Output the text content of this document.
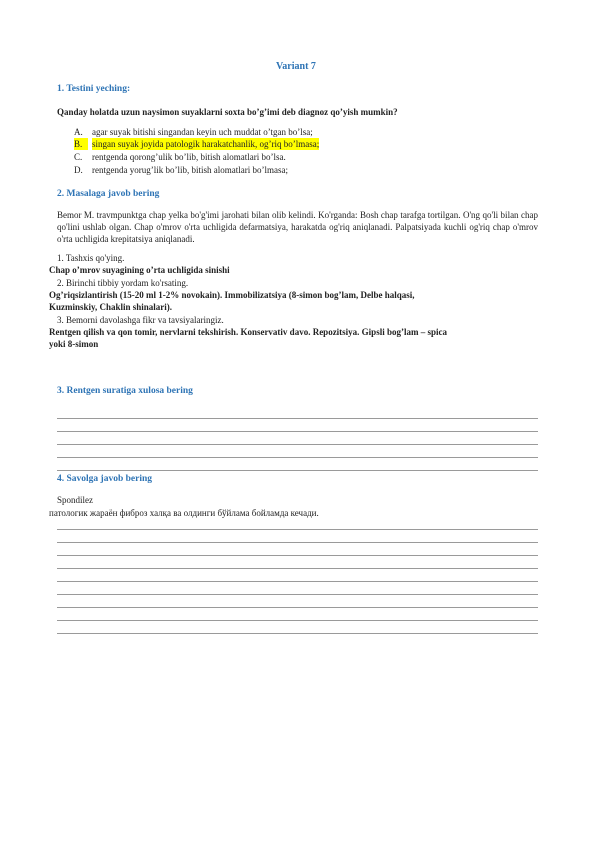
Variant 7
1. Testini yeching:
Qanday holatda uzun naysimon suyaklarni soxta bo’g’imi deb diagnoz qo’yish mumkin?
A. agar suyak bitishi singandan keyin uch muddat o’tgan bo’lsa;
B.	singan suyak joyida patologik harakatchanlik, og’riq bo’lmasa;
C. rentgenda qorong’ulik bo’lib, bitish alomatlari bo’lsa.
D. rentgenda yorug’lik bo’lib, bitish alomatlari bo’lmasa;
2. Masalaga javob bering
Bemor M. travmpunktga chap yelka bo'g'imi jarohati bilan olib kelindi. Ko'rganda: Bosh chap tarafga tortilgan. O'ng qo'li bilan chap qo'lini ushlab olgan. Chap o'mrov o'rta uchligida defarmatsiya, harakatda og'riq aniqlanadi. Palpatsiyada kuchli og'riq chap o'mrov o'rta uchligida krepitatsiya aniqlanadi.
1. Tashxis qo'ying.
Chap o’mrov suyagining o’rta uchligida sinishi
2. Birinchi tibbiy yordam ko'rsating.
Og’riqsizlantirish (15-20 ml 1-2% novokain). Immobilizatsiya (8-simon bog’lam, Delbe halqasi,
Kuzminskiy, Chaklin shinalari).
3. Bemorni davolashga fikr va tavsiyalaringiz.
Rentgen qilish va qon tomir, nervlarni tekshirish. Konservativ davo. Repozitsiya. Gipsli bog’lam – spica
yoki 8-simon
3. Rentgen suratiga xulosa bering
4. Savolga javob bering
Spondilez
патологик жараён фиброз халқа ва олдинги бўйлама бойламда кечади.
